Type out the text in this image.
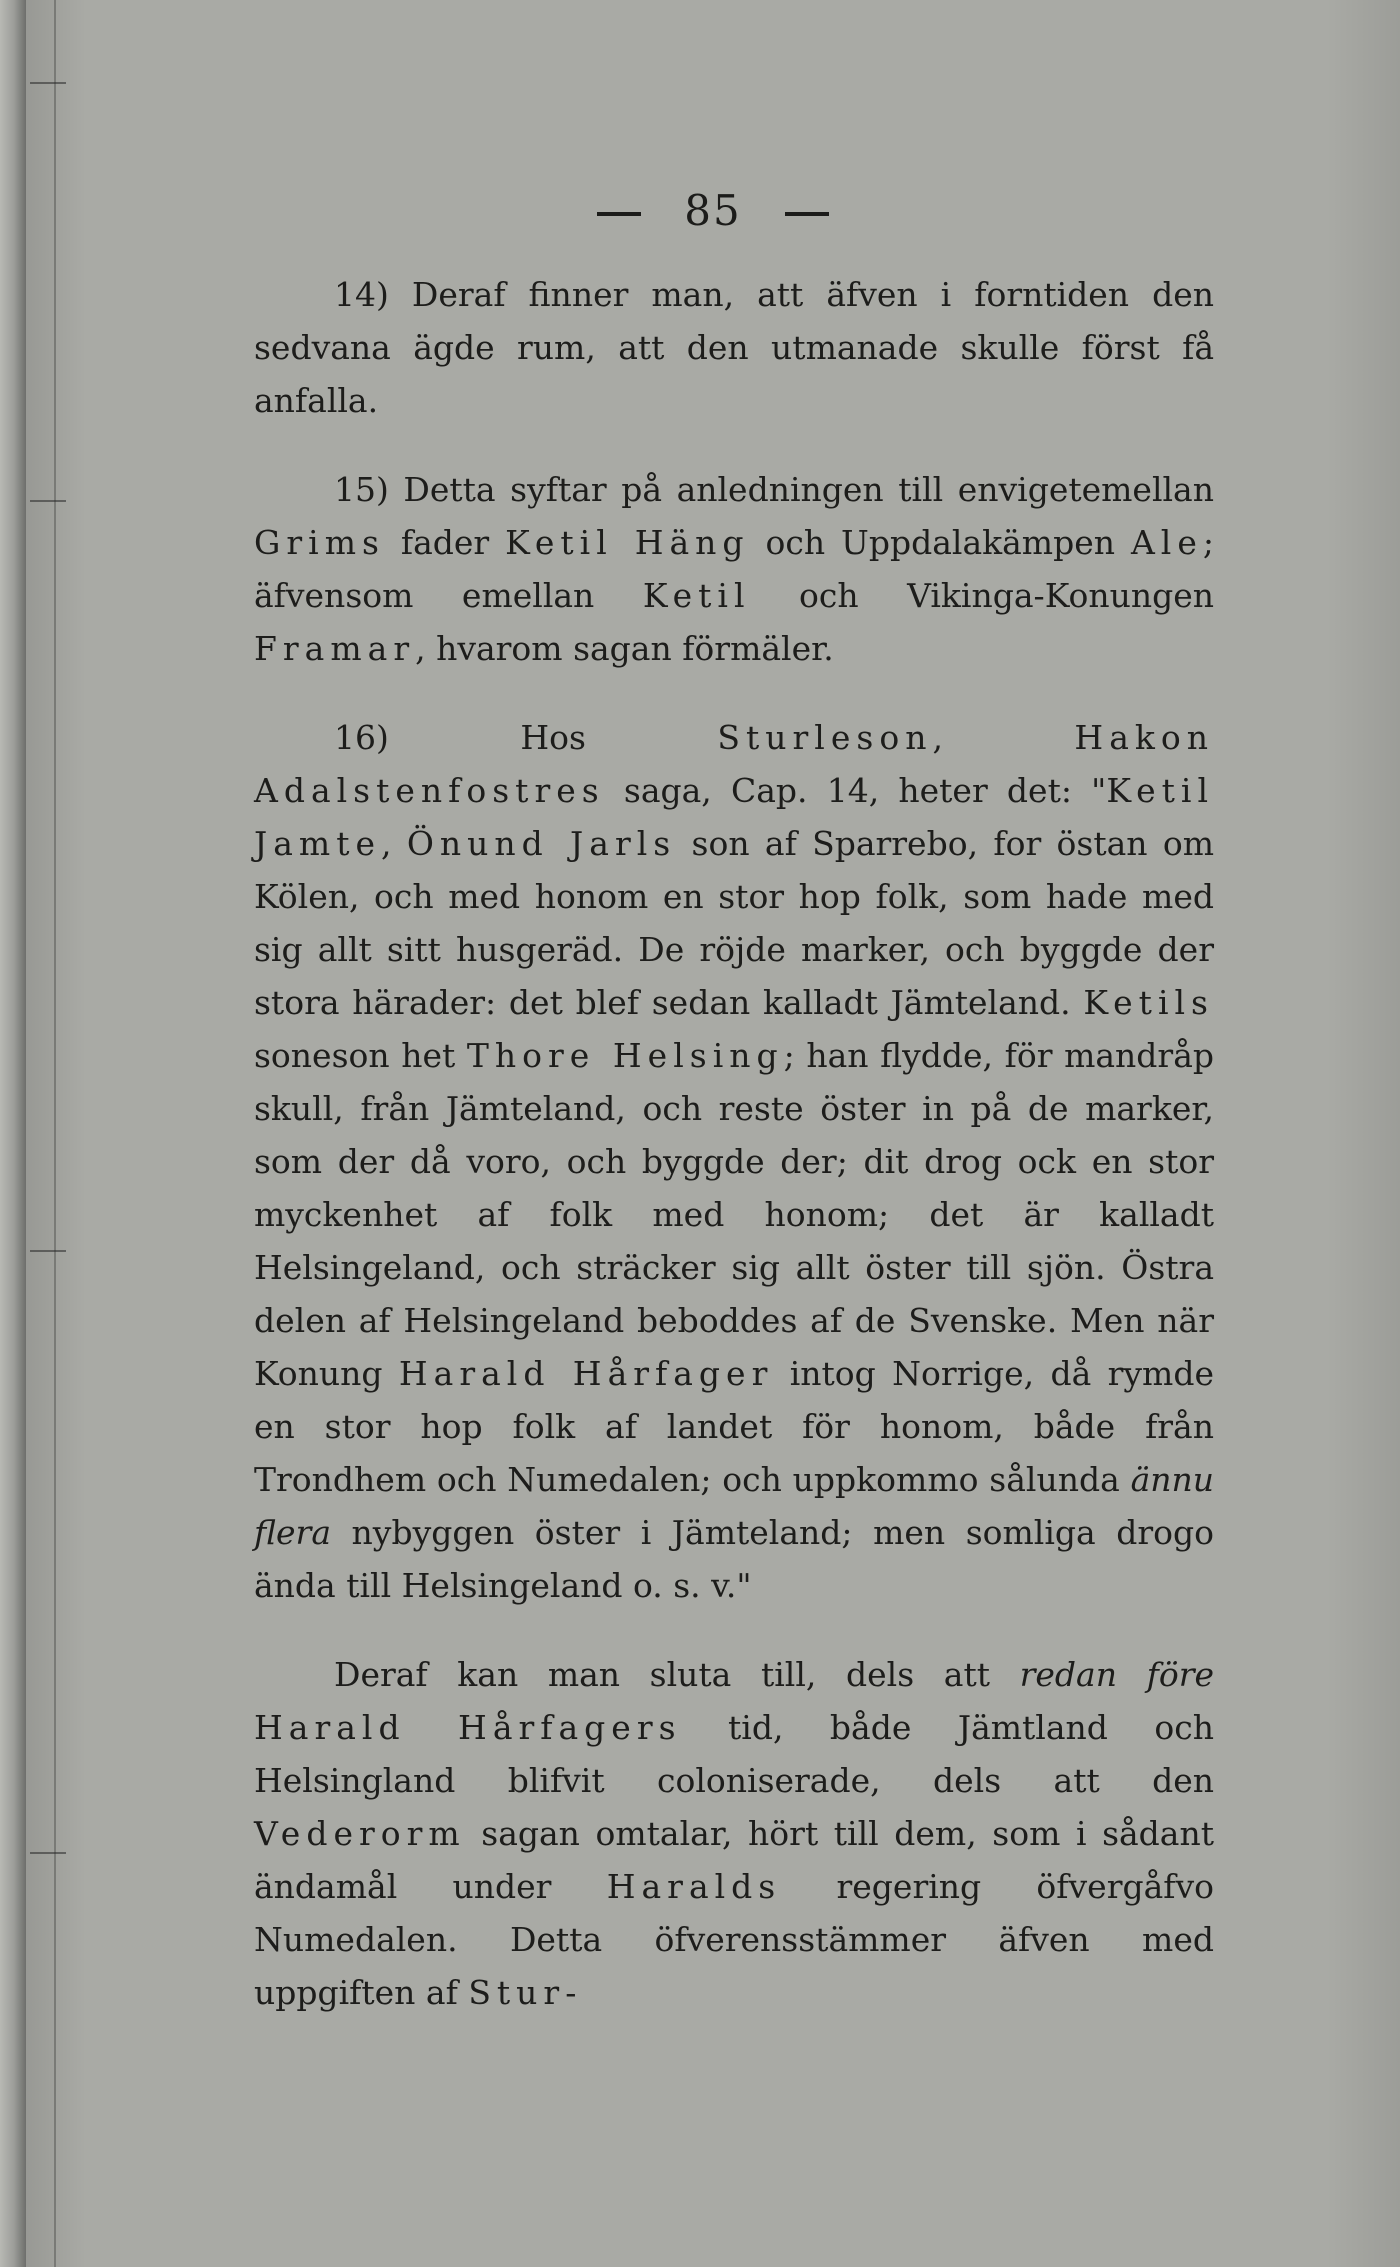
85

14) Deraf finner man, att äfven i forntiden den sedvana ägde rum, att den utmanade skulle först få anfalla.

15) Detta syftar på anledningen till envigetemellan Grims fader Ketil Häng och Uppdalakämpen Ale; äfvensom emellan Ketil och Vikinga-Konungen Framar, hvarom sagan förmäler.

16) Hos Sturleson, Hakon Adalstenfostres saga, Cap. 14, heter det: "Ketil Jamte, Önund Jarls son af Sparrebo, for östan om Kölen, och med honom en stor hop folk, som hade med sig allt sitt husgeräd. De röjde marker, och byggde der stora härader: det blef sedan kalladt Jämteland. Ketils soneson het Thore Helsing; han flydde, för mandråp skull, från Jämteland, och reste öster in på de marker, som der då voro, och byggde der; dit drog ock en stor myckenhet af folk med honom; det är kalladt Helsingeland, och sträcker sig allt öster till sjön. Östra delen af Helsingeland beboddes af de Svenske. Men när Konung Harald Hårfager intog Norrige, då rymde en stor hop folk af landet för honom, både från Trondhem och Numedalen; och uppkommo sålunda ännu flera nybyggen öster i Jämteland; men somliga drogo ända till Helsingeland o. s. v."

Deraf kan man sluta till, dels att redan före Harald Hårfagers tid, både Jämtland och Helsingland blifvit coloniserade, dels att den Vederorm sagan omtalar, hört till dem, som i sådant ändamål under Haralds regering öfvergåfvo Numedalen. Detta öfverensstämmer äfven med uppgiften af Stur-
